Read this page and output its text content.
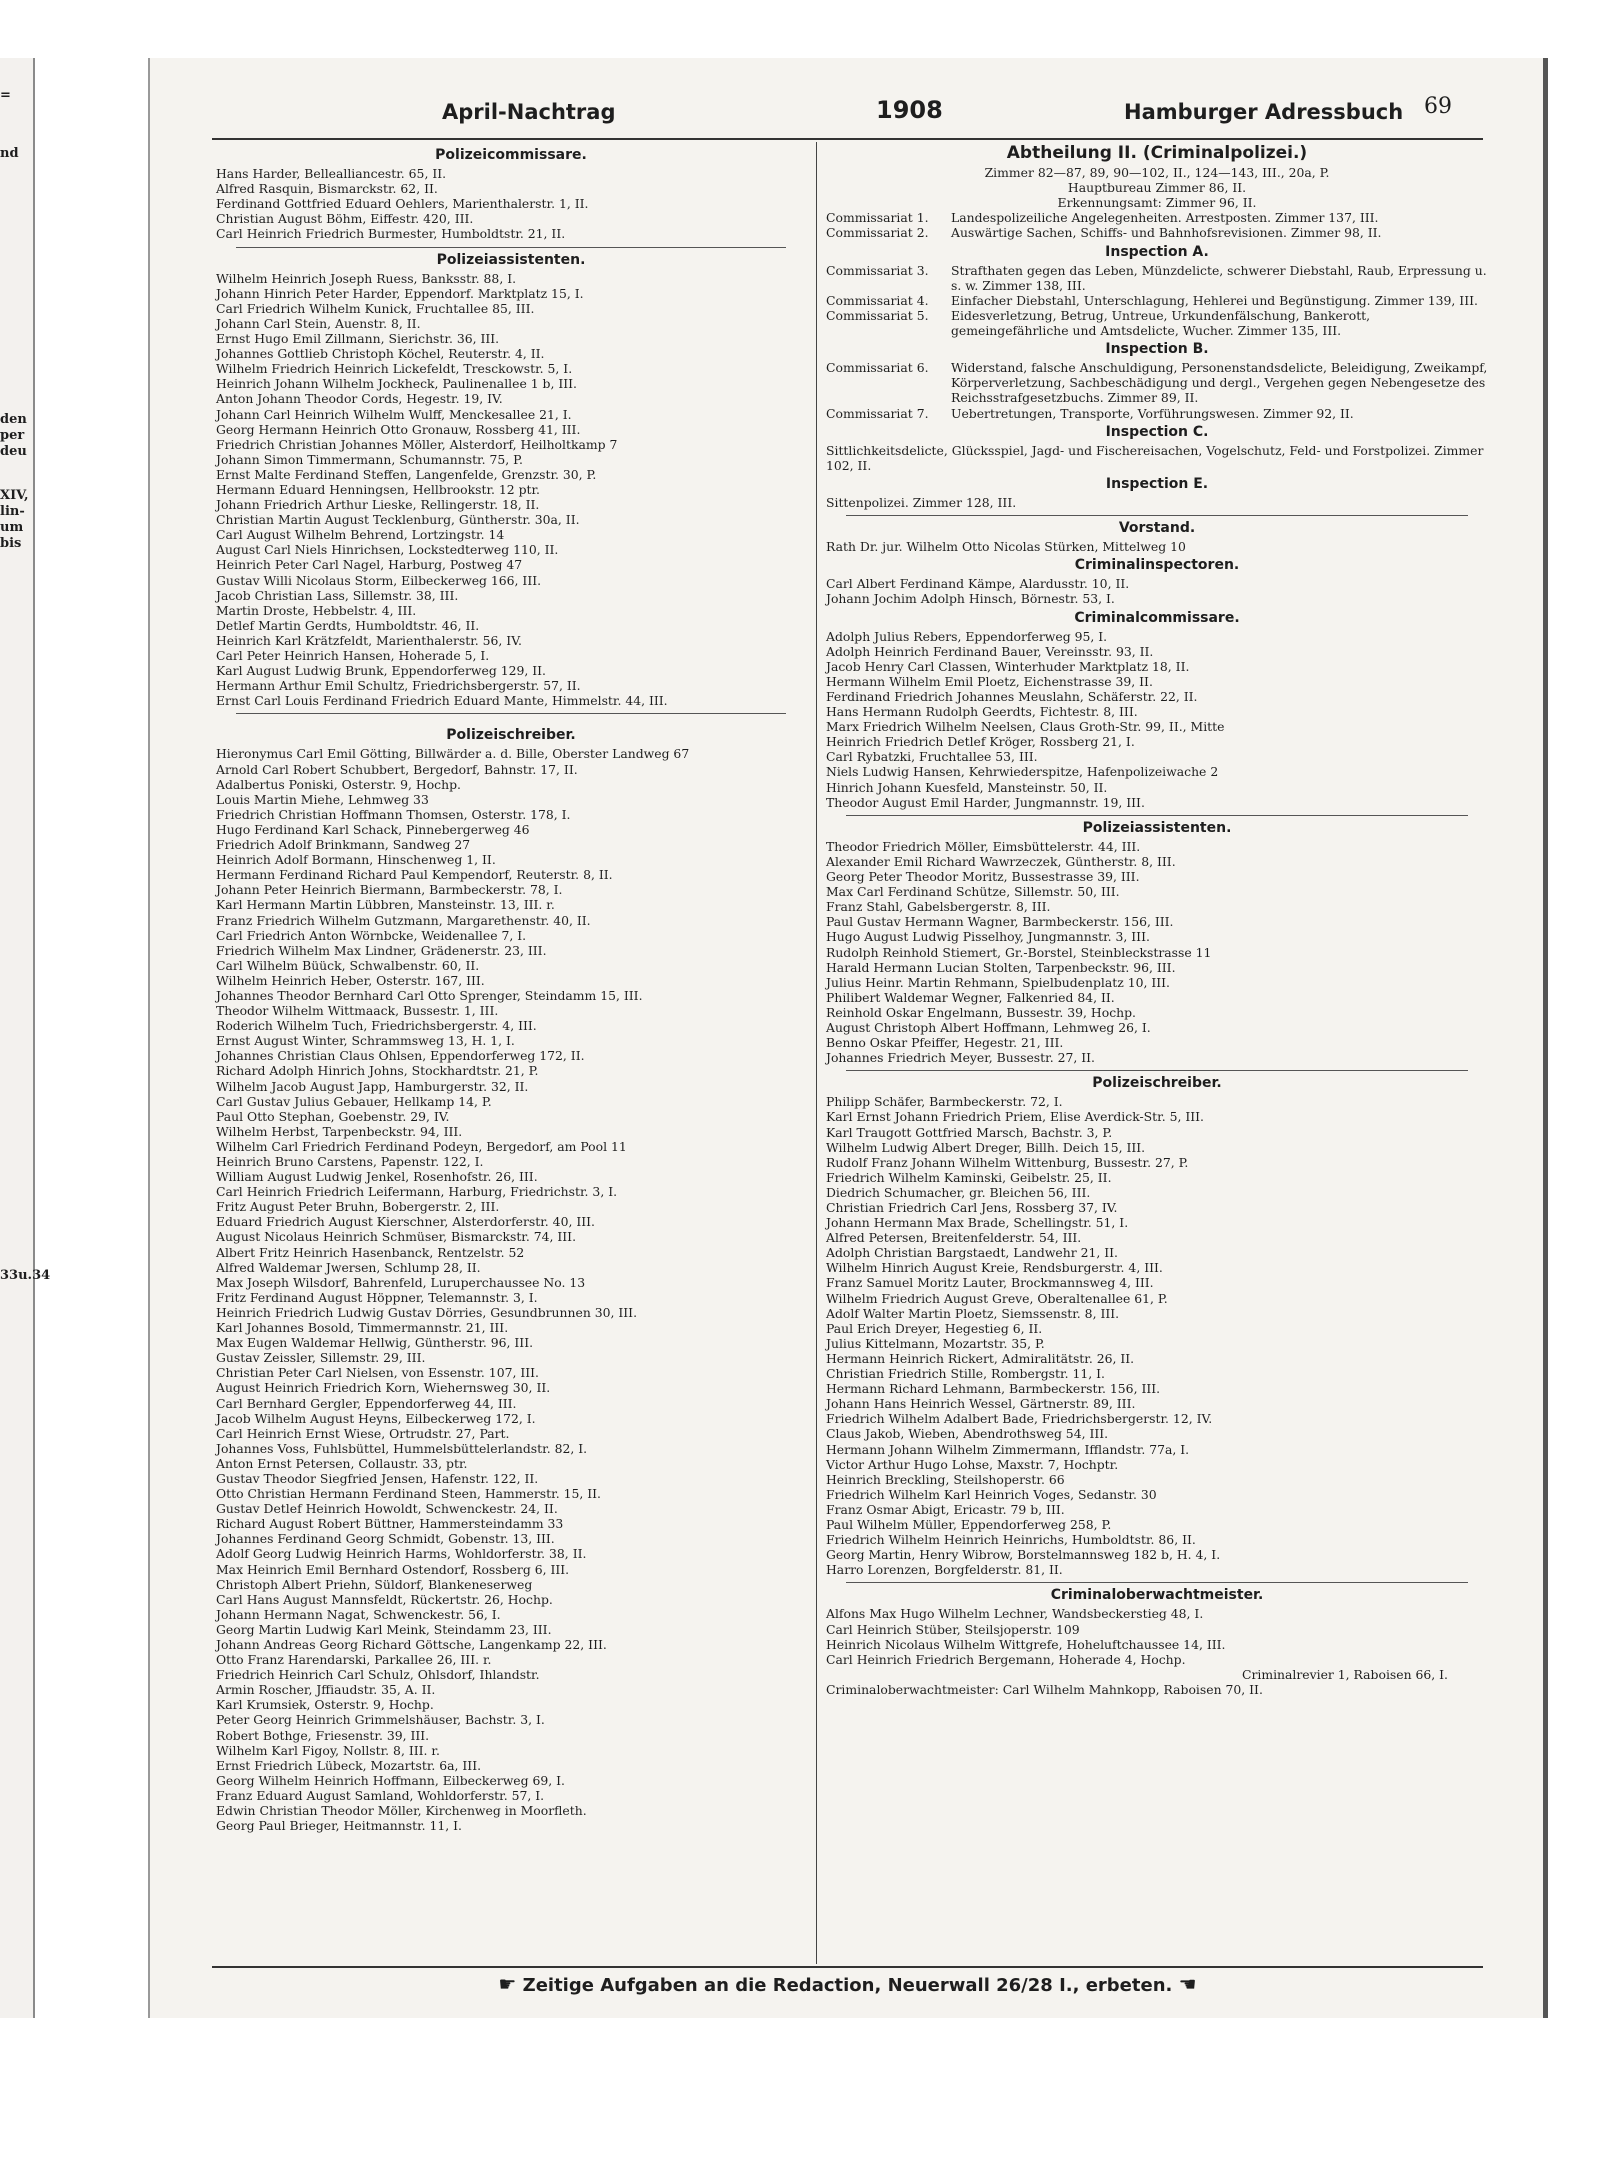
=
nd
den
per
deu
XIV,
lin-
um
bis
33u.34
April-Nachtrag	1908	Hamburger Adressbuch 69
Polizeicommissare.
Hans Harder, Bellealliancestr. 65, II.
Alfred Rasquin, Bismarckstr. 62, II.
Ferdinand Gottfried Eduard Oehlers, Marienthalerstr. 1, II.
Christian August Böhm, Eiffestr. 420, III.
Carl Heinrich Friedrich Burmester, Humboldtstr. 21, II.
Polizeiassistenten.
Wilhelm Heinrich Joseph Ruess, Banksstr. 88, I.
Johann Hinrich Peter Harder, Eppendorf. Marktplatz 15, I.
Carl Friedrich Wilhelm Kunick, Fruchtallee 85, III.
Johann Carl Stein, Auenstr. 8, II.
Ernst Hugo Emil Zillmann, Sierichstr. 36, III.
Johannes Gottlieb Christoph Köchel, Reuterstr. 4, II.
Wilhelm Friedrich Heinrich Lickefeldt, Tresckowstr. 5, I.
Heinrich Johann Wilhelm Jockheck, Paulinenallee 1 b, III.
Anton Johann Theodor Cords, Hegestr. 19, IV.
Johann Carl Heinrich Wilhelm Wulff, Menckesallee 21, I.
Georg Hermann Heinrich Otto Gronauw, Rossberg 41, III.
Friedrich Christian Johannes Möller, Alsterdorf, Heilholtkamp 7
Johann Simon Timmermann, Schumannstr. 75, P.
Ernst Malte Ferdinand Steffen, Langenfelde, Grenzstr. 30, P.
Hermann Eduard Henningsen, Hellbrookstr. 12 ptr.
Johann Friedrich Arthur Lieske, Rellingerstr. 18, II.
Christian Martin August Tecklenburg, Güntherstr. 30a, II.
Carl August Wilhelm Behrend, Lortzingstr. 14
August Carl Niels Hinrichsen, Lockstedterweg 110, II.
Heinrich Peter Carl Nagel, Harburg, Postweg 47
Gustav Willi Nicolaus Storm, Eilbeckerweg 166, III.
Jacob Christian Lass, Sillemstr. 38, III.
Martin Droste, Hebbelstr. 4, III.
Detlef Martin Gerdts, Humboldtstr. 46, II.
Heinrich Karl Krätzfeldt, Marienthalerstr. 56, IV.
Carl Peter Heinrich Hansen, Hoherade 5, I.
Karl August Ludwig Brunk, Eppendorferweg 129, II.
Hermann Arthur Emil Schultz, Friedrichsbergerstr. 57, II.
Ernst Carl Louis Ferdinand Friedrich Eduard Mante, Himmelstr. 44, III.
Polizeischreiber.
Hieronymus Carl Emil Götting, Billwärder a. d. Bille, Oberster Landweg 67
Arnold Carl Robert Schubbert, Bergedorf, Bahnstr. 17, II.
Adalbertus Poniski, Osterstr. 9, Hochp.
Louis Martin Miehe, Lehmweg 33
Friedrich Christian Hoffmann Thomsen, Osterstr. 178, I.
Hugo Ferdinand Karl Schack, Pinnebergerweg 46
Friedrich Adolf Brinkmann, Sandweg 27
Heinrich Adolf Bormann, Hinschenweg 1, II.
Hermann Ferdinand Richard Paul Kempendorf, Reuterstr. 8, II.
Johann Peter Heinrich Biermann, Barmbeckerstr. 78, I.
Karl Hermann Martin Lübbren, Mansteinstr. 13, III. r.
Franz Friedrich Wilhelm Gutzmann, Margarethenstr. 40, II.
Carl Friedrich Anton Wörnbcke, Weidenallee 7, I.
Friedrich Wilhelm Max Lindner, Grädenerstr. 23, III.
Carl Wilhelm Büück, Schwalbenstr. 60, II.
Wilhelm Heinrich Heber, Osterstr. 167, III.
Johannes Theodor Bernhard Carl Otto Sprenger, Steindamm 15, III.
Theodor Wilhelm Wittmaack, Bussestr. 1, III.
Roderich Wilhelm Tuch, Friedrichsbergerstr. 4, III.
Ernst August Winter, Schrammsweg 13, H. 1, I.
Johannes Christian Claus Ohlsen, Eppendorferweg 172, II.
Richard Adolph Hinrich Johns, Stockhardtstr. 21, P.
Wilhelm Jacob August Japp, Hamburgerstr. 32, II.
Carl Gustav Julius Gebauer, Hellkamp 14, P.
Paul Otto Stephan, Goebenstr. 29, IV.
Wilhelm Herbst, Tarpenbeckstr. 94, III.
Wilhelm Carl Friedrich Ferdinand Podeyn, Bergedorf, am Pool 11
Heinrich Bruno Carstens, Papenstr. 122, I.
William August Ludwig Jenkel, Rosenhofstr. 26, III.
Carl Heinrich Friedrich Leifermann, Harburg, Friedrichstr. 3, I.
Fritz August Peter Bruhn, Bobergerstr. 2, III.
Eduard Friedrich August Kierschner, Alsterdorferstr. 40, III.
August Nicolaus Heinrich Schmüser, Bismarckstr. 74, III.
Albert Fritz Heinrich Hasenbanck, Rentzelstr. 52
Alfred Waldemar Jwersen, Schlump 28, II.
Max Joseph Wilsdorf, Bahrenfeld, Luruperchaussee No. 13
Fritz Ferdinand August Höppner, Telemannstr. 3, I.
Heinrich Friedrich Ludwig Gustav Dörries, Gesundbrunnen 30, III.
Karl Johannes Bosold, Timmermannstr. 21, III.
Max Eugen Waldemar Hellwig, Güntherstr. 96, III.
Gustav Zeissler, Sillemstr. 29, III.
Christian Peter Carl Nielsen, von Essenstr. 107, III.
August Heinrich Friedrich Korn, Wiehernsweg 30, II.
Carl Bernhard Gergler, Eppendorferweg 44, III.
Jacob Wilhelm August Heyns, Eilbeckerweg 172, I.
Carl Heinrich Ernst Wiese, Ortrudstr. 27, Part.
Johannes Voss, Fuhlsbüttel, Hummelsbüttelerlandstr. 82, I.
Anton Ernst Petersen, Collaustr. 33, ptr.
Gustav Theodor Siegfried Jensen, Hafenstr. 122, II.
Otto Christian Hermann Ferdinand Steen, Hammerstr. 15, II.
Gustav Detlef Heinrich Howoldt, Schwenckestr. 24, II.
Richard August Robert Büttner, Hammersteindamm 33
Johannes Ferdinand Georg Schmidt, Gobenstr. 13, III.
Adolf Georg Ludwig Heinrich Harms, Wohldorferstr. 38, II.
Max Heinrich Emil Bernhard Ostendorf, Rossberg 6, III.
Christoph Albert Priehn, Süldorf, Blankeneserweg
Carl Hans August Mannsfeldt, Rückertstr. 26, Hochp.
Johann Hermann Nagat, Schwenckestr. 56, I.
Georg Martin Ludwig Karl Meink, Steindamm 23, III.
Johann Andreas Georg Richard Göttsche, Langenkamp 22, III.
Otto Franz Harendarski, Parkallee 26, III. r.
Friedrich Heinrich Carl Schulz, Ohlsdorf, Ihlandstr.
Armin Roscher, Jffiaudstr. 35, A. II.
Karl Krumsiek, Osterstr. 9, Hochp.
Peter Georg Heinrich Grimmelshäuser, Bachstr. 3, I.
Robert Bothge, Friesenstr. 39, III.
Wilhelm Karl Figoy, Nollstr. 8, III. r.
Ernst Friedrich Lübeck, Mozartstr. 6a, III.
Georg Wilhelm Heinrich Hoffmann, Eilbeckerweg 69, I.
Franz Eduard August Samland, Wohldorferstr. 57, I.
Edwin Christian Theodor Möller, Kirchenweg in Moorfleth.
Georg Paul Brieger, Heitmannstr. 11, I.
Abtheilung II. (Criminalpolizei.)
Zimmer 82—87, 89, 90—102, II., 124—143, III., 20a, P.
Hauptbureau Zimmer 86, II.
Erkennungsamt: Zimmer 96, II.
Commissariat 1.	Landespolizeiliche Angelegenheiten. Arrestposten. Zimmer 137, III.
Commissariat 2.	Auswärtige Sachen, Schiffs- und Bahnhofsrevisionen. Zimmer 98, II.
Inspection A.
Commissariat 3.	Strafthaten gegen das Leben, Münzdelicte, schwerer Diebstahl, Raub, Erpressung u. s. w. Zimmer 138, III.
Commissariat 4.	Einfacher Diebstahl, Unterschlagung, Hehlerei und Begünstigung. Zimmer 139, III.
Commissariat 5.	Eidesverletzung, Betrug, Untreue, Urkundenfälschung, Bankerott, gemeingefährliche und Amtsdelicte, Wucher. Zimmer 135, III.
Inspection B.
Commissariat 6.	Widerstand, falsche Anschuldigung, Personenstandsdelicte, Beleidigung, Zweikampf, Körperverletzung, Sachbeschädigung und dergl., Vergehen gegen Nebengesetze des Reichsstrafgesetzbuchs. Zimmer 89, II.
Commissariat 7.	Uebertretungen, Transporte, Vorführungswesen. Zimmer 92, II.
Inspection C.
Sittlichkeitsdelicte, Glücksspiel, Jagd- und Fischereisachen, Vogelschutz, Feld- und Forstpolizei. Zimmer 102, II.
Inspection E.
Sittenpolizei. Zimmer 128, III.
Vorstand.
Rath Dr. jur. Wilhelm Otto Nicolas Stürken, Mittelweg 10
Criminalinspectoren.
Carl Albert Ferdinand Kämpe, Alardusstr. 10, II.
Johann Jochim Adolph Hinsch, Börnestr. 53, I.
Criminalcommissare.
Adolph Julius Rebers, Eppendorferweg 95, I.
Adolph Heinrich Ferdinand Bauer, Vereinsstr. 93, II.
Jacob Henry Carl Classen, Winterhuder Marktplatz 18, II.
Hermann Wilhelm Emil Ploetz, Eichenstrasse 39, II.
Ferdinand Friedrich Johannes Meuslahn, Schäferstr. 22, II.
Hans Hermann Rudolph Geerdts, Fichtestr. 8, III.
Marx Friedrich Wilhelm Neelsen, Claus Groth-Str. 99, II., Mitte
Heinrich Friedrich Detlef Kröger, Rossberg 21, I.
Carl Rybatzki, Fruchtallee 53, III.
Niels Ludwig Hansen, Kehrwiederspitze, Hafenpolizeiwache 2
Hinrich Johann Kuesfeld, Mansteinstr. 50, II.
Theodor August Emil Harder, Jungmannstr. 19, III.
Polizeiassistenten.
Theodor Friedrich Möller, Eimsbüttelerstr. 44, III.
Alexander Emil Richard Wawrzeczek, Güntherstr. 8, III.
Georg Peter Theodor Moritz, Bussestrasse 39, III.
Max Carl Ferdinand Schütze, Sillemstr. 50, III.
Franz Stahl, Gabelsbergerstr. 8, III.
Paul Gustav Hermann Wagner, Barmbeckerstr. 156, III.
Hugo August Ludwig Pisselhoy, Jungmannstr. 3, III.
Rudolph Reinhold Stiemert, Gr.-Borstel, Steinbleckstrasse 11
Harald Hermann Lucian Stolten, Tarpenbeckstr. 96, III.
Julius Heinr. Martin Rehmann, Spielbudenplatz 10, III.
Philibert Waldemar Wegner, Falkenried 84, II.
Reinhold Oskar Engelmann, Bussestr. 39, Hochp.
August Christoph Albert Hoffmann, Lehmweg 26, I.
Benno Oskar Pfeiffer, Hegestr. 21, III.
Johannes Friedrich Meyer, Bussestr. 27, II.
Polizeischreiber.
Philipp Schäfer, Barmbeckerstr. 72, I.
Karl Ernst Johann Friedrich Priem, Elise Averdick-Str. 5, III.
Karl Traugott Gottfried Marsch, Bachstr. 3, P.
Wilhelm Ludwig Albert Dreger, Billh. Deich 15, III.
Rudolf Franz Johann Wilhelm Wittenburg, Bussestr. 27, P.
Friedrich Wilhelm Kaminski, Geibelstr. 25, II.
Diedrich Schumacher, gr. Bleichen 56, III.
Christian Friedrich Carl Jens, Rossberg 37, IV.
Johann Hermann Max Brade, Schellingstr. 51, I.
Alfred Petersen, Breitenfelderstr. 54, III.
Adolph Christian Bargstaedt, Landwehr 21, II.
Wilhelm Hinrich August Kreie, Rendsburgerstr. 4, III.
Franz Samuel Moritz Lauter, Brockmannsweg 4, III.
Wilhelm Friedrich August Greve, Oberaltenallee 61, P.
Adolf Walter Martin Ploetz, Siemssenstr. 8, III.
Paul Erich Dreyer, Hegestieg 6, II.
Julius Kittelmann, Mozartstr. 35, P.
Hermann Heinrich Rickert, Admiralitätstr. 26, II.
Christian Friedrich Stille, Rombergstr. 11, I.
Hermann Richard Lehmann, Barmbeckerstr. 156, III.
Johann Hans Heinrich Wessel, Gärtnerstr. 89, III.
Friedrich Wilhelm Adalbert Bade, Friedrichsbergerstr. 12, IV.
Claus Jakob, Wieben, Abendrothsweg 54, III.
Hermann Johann Wilhelm Zimmermann, Ifflandstr. 77a, I.
Victor Arthur Hugo Lohse, Maxstr. 7, Hochptr.
Heinrich Breckling, Steilshoperstr. 66
Friedrich Wilhelm Karl Heinrich Voges, Sedanstr. 30
Franz Osmar Abigt, Ericastr. 79 b, III.
Paul Wilhelm Müller, Eppendorferweg 258, P.
Friedrich Wilhelm Heinrich Heinrichs, Humboldtstr. 86, II.
Georg Martin, Henry Wibrow, Borstelmannsweg 182 b, H. 4, I.
Harro Lorenzen, Borgfelderstr. 81, II.
Criminaloberwachtmeister.
Alfons Max Hugo Wilhelm Lechner, Wandsbeckerstieg 48, I.
Carl Heinrich Stüber, Steilsjoperstr. 109
Heinrich Nicolaus Wilhelm Wittgrefe, Hoheluftchaussee 14, III.
Carl Heinrich Friedrich Bergemann, Hoherade 4, Hochp.
Criminalrevier 1, Raboisen 66, I.
Criminaloberwachtmeister: Carl Wilhelm Mahnkopp, Raboisen 70, II.
☛ Zeitige Aufgaben an die Redaction, Neuerwall 26/28 I., erbeten. ☚
